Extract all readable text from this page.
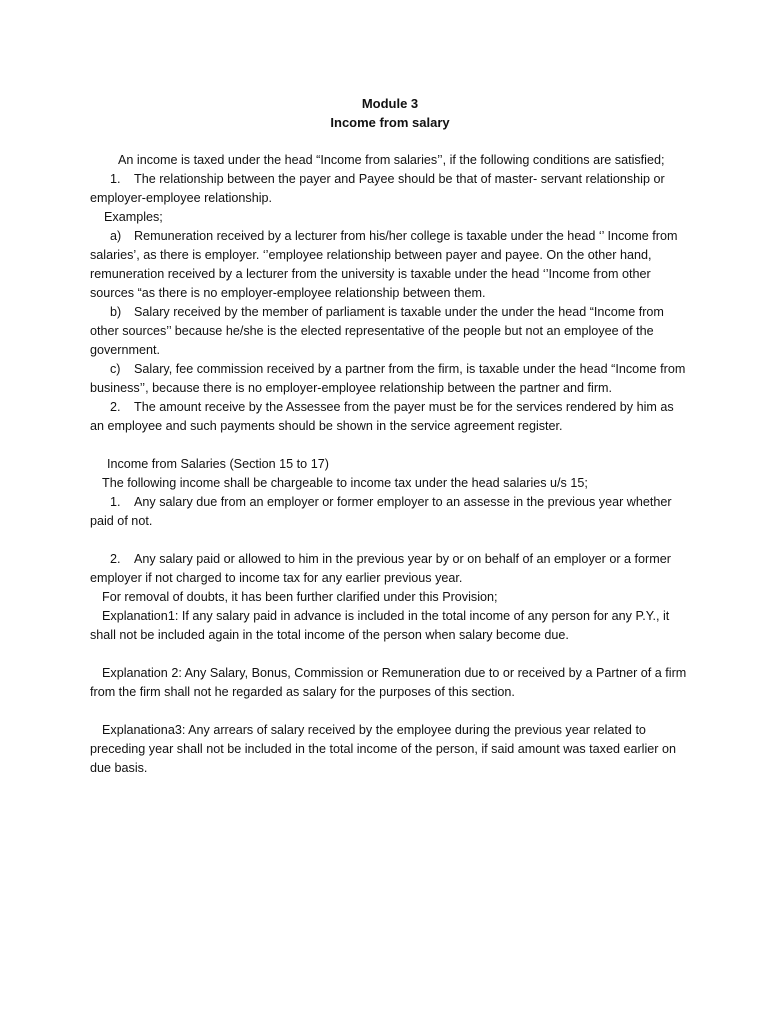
Module 3
Income from salary

An income is taxed under the head “Income from salaries’’, if the following conditions are satisfied;

1. The relationship between the payer and Payee should be that of master- servant relationship or employer-employee relationship.

Examples;

a) Remuneration received by a lecturer from his/her college is taxable under the head ‘’ Income from salaries’, as there is employer. ‘’employee relationship between payer and payee. On the other hand, remuneration received by a lecturer from the university is taxable under the head ‘’Income from other sources “as there is no employer-employee relationship between them.

b) Salary received by the member of parliament is taxable under the under the head “Income from other sources’’ because he/she is the elected representative of the people but not an employee of the government.

c) Salary, fee commission received by a partner from the firm, is taxable under the head “Income from business’’, because there is no employer-employee relationship between the partner and firm.

2. The amount receive by the Assessee from the payer must be for the services rendered by him as an employee and such payments should be shown in the service agreement register.

Income from Salaries (Section 15 to 17)

The following income shall be chargeable to income tax under the head salaries u/s 15;

1. Any salary due from an employer or former employer to an assesse in the previous year whether paid of not.

2. Any salary paid or allowed to him in the previous year by or on behalf of an employer or a former employer if not charged to income tax for any earlier previous year.

For removal of doubts, it has been further clarified under this Provision;

Explanation1: If any salary paid in advance is included in the total income of any person for any P.Y., it shall not be included again in the total income of the person when salary become due.

Explanation 2: Any Salary, Bonus, Commission or Remuneration due to or received by a Partner of a firm from the firm shall not he regarded as salary for the purposes of this section.

Explanationa3: Any arrears of salary received by the employee during the previous year related to preceding year shall not be included in the total income of the person, if said amount was taxed earlier on due basis.
